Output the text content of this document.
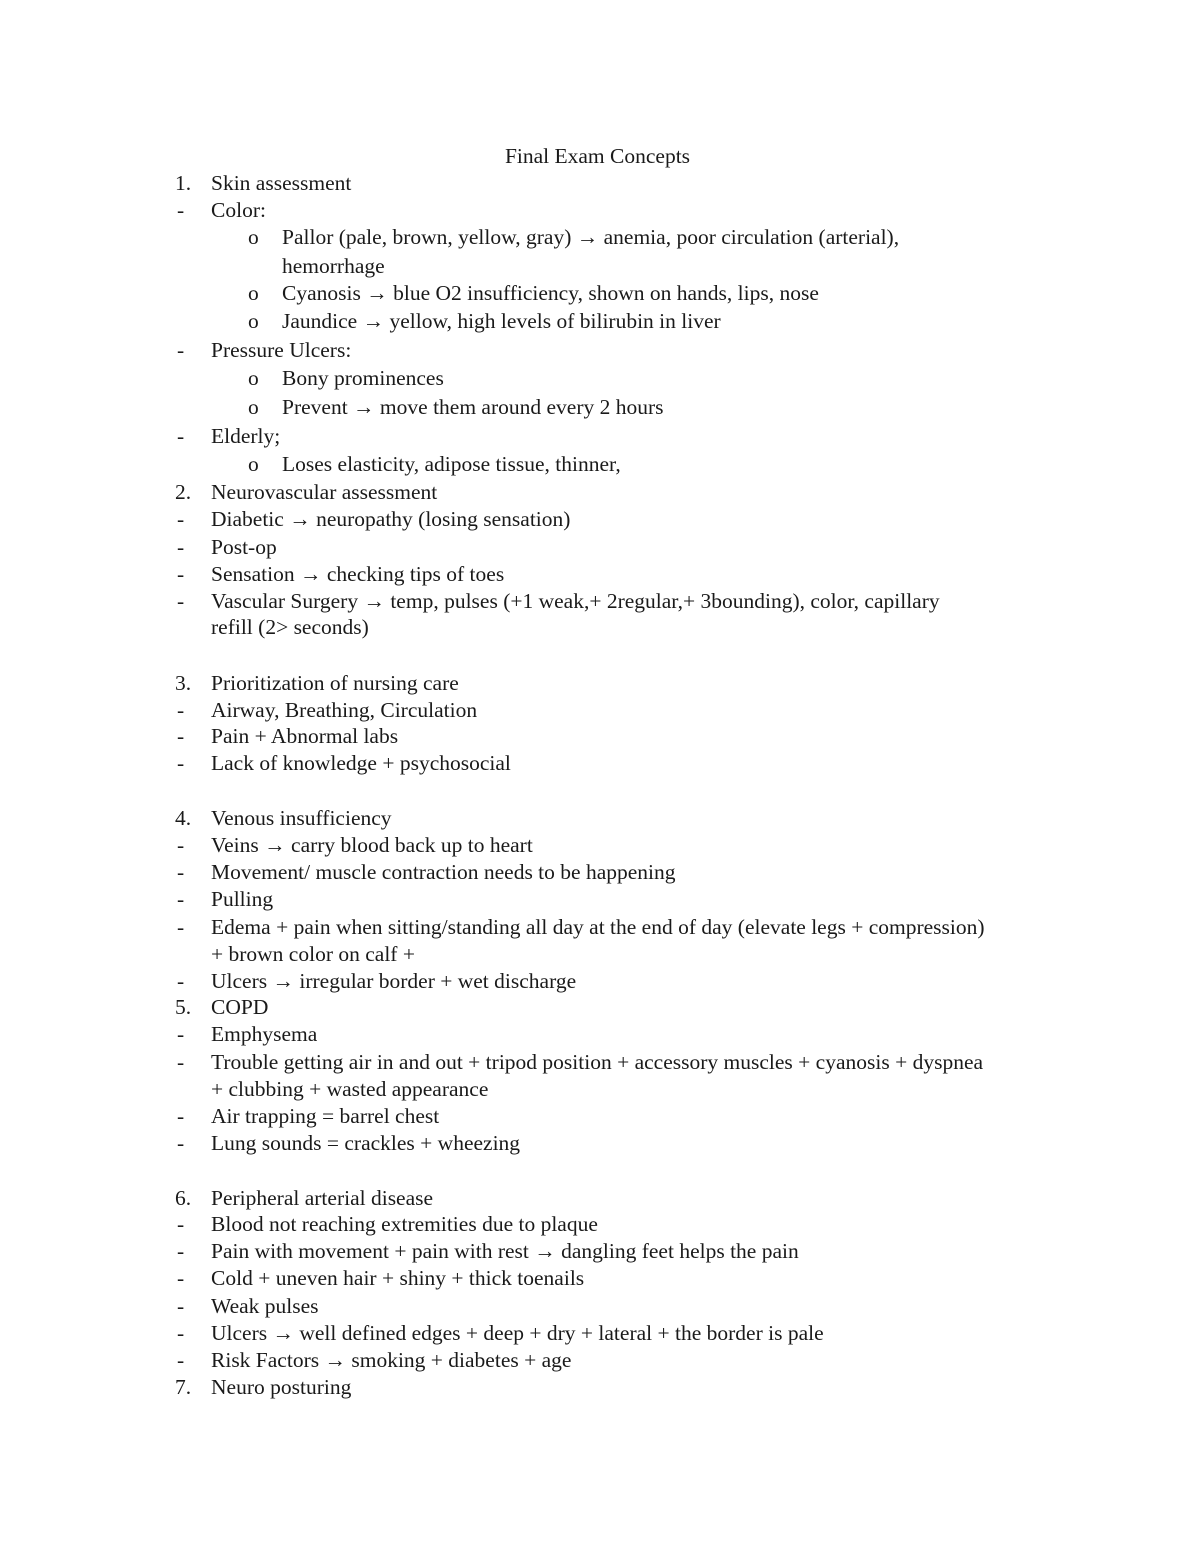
Final Exam Concepts
1. Skin assessment
- Color:
o Pallor (pale, brown, yellow, gray) → anemia, poor circulation (arterial),
hemorrhage
o Cyanosis → blue O2 insufficiency, shown on hands, lips, nose
o Jaundice → yellow, high levels of bilirubin in liver
- Pressure Ulcers:
o Bony prominences
o Prevent → move them around every 2 hours
- Elderly;
o Loses elasticity, adipose tissue, thinner,
2. Neurovascular assessment
- Diabetic → neuropathy (losing sensation)
- Post-op
- Sensation → checking tips of toes
- Vascular Surgery → temp, pulses (+1 weak,+ 2regular,+ 3bounding), color, capillary
refill (2> seconds)
3. Prioritization of nursing care
- Airway, Breathing, Circulation
- Pain + Abnormal labs
- Lack of knowledge + psychosocial
4. Venous insufficiency
- Veins → carry blood back up to heart
- Movement/ muscle contraction needs to be happening
- Pulling
- Edema + pain when sitting/standing all day at the end of day (elevate legs + compression)
+ brown color on calf +
- Ulcers → irregular border + wet discharge
5. COPD
- Emphysema
- Trouble getting air in and out + tripod position + accessory muscles + cyanosis + dyspnea
+ clubbing + wasted appearance
- Air trapping = barrel chest
- Lung sounds = crackles + wheezing
6. Peripheral arterial disease
- Blood not reaching extremities due to plaque
- Pain with movement + pain with rest → dangling feet helps the pain
- Cold + uneven hair + shiny + thick toenails
- Weak pulses
- Ulcers → well defined edges + deep + dry + lateral + the border is pale
- Risk Factors → smoking + diabetes + age
7. Neuro posturing
